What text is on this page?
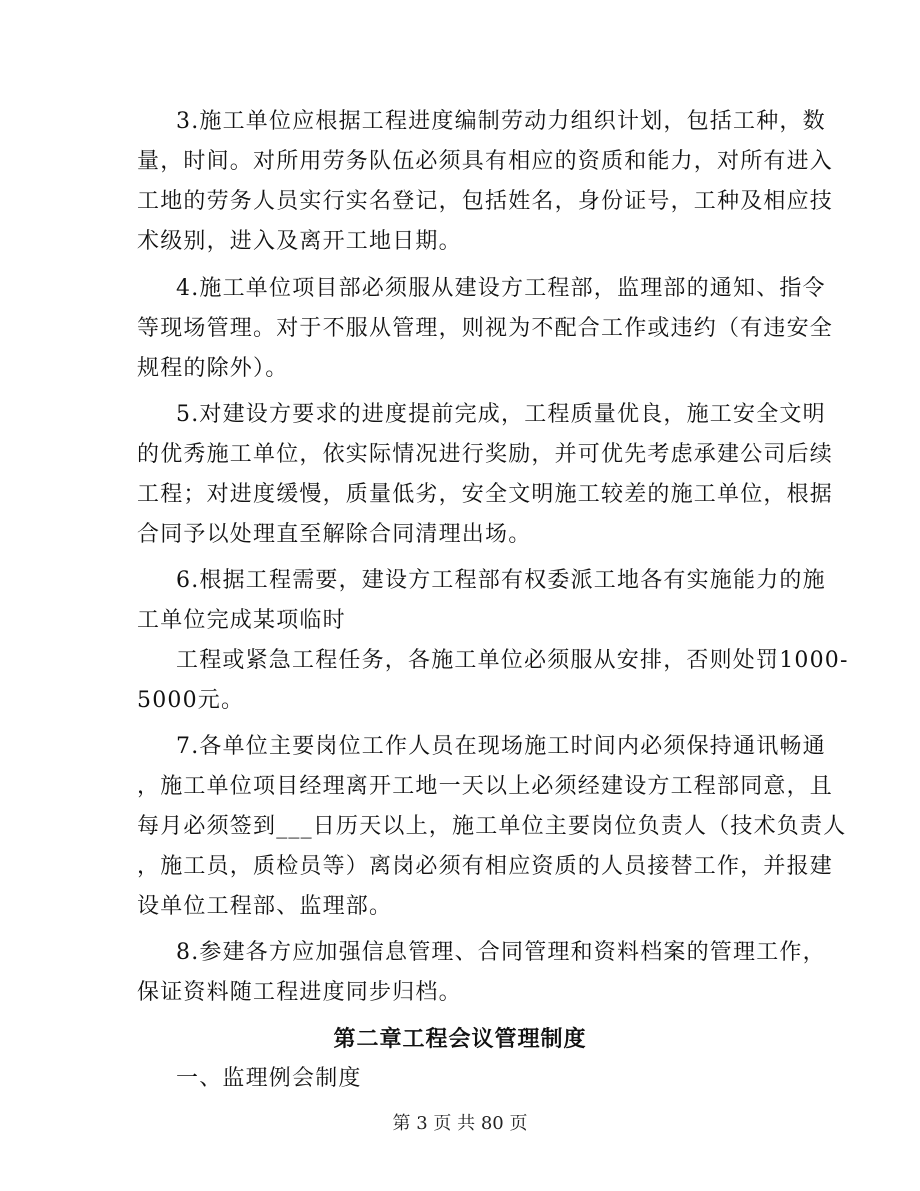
3.施工单位应根据工程进度编制劳动力组织计划，包括工种，数
量，时间。对所用劳务队伍必须具有相应的资质和能力，对所有进入
工地的劳务人员实行实名登记，包括姓名，身份证号，工种及相应技
术级别，进入及离开工地日期。
4.施工单位项目部必须服从建设方工程部，监理部的通知、指令
等现场管理。对于不服从管理，则视为不配合工作或违约（有违安全
规程的除外）。
5.对建设方要求的进度提前完成，工程质量优良，施工安全文明
的优秀施工单位，依实际情况进行奖励，并可优先考虑承建公司后续
工程；对进度缓慢，质量低劣，安全文明施工较差的施工单位，根据
合同予以处理直至解除合同清理出场。
6.根据工程需要，建设方工程部有权委派工地各有实施能力的施
工单位完成某项临时
工程或紧急工程任务，各施工单位必须服从安排，否则处罚1000-
5000元。
7.各单位主要岗位工作人员在现场施工时间内必须保持通讯畅通
，施工单位项目经理离开工地一天以上必须经建设方工程部同意，且
每月必须签到___日历天以上，施工单位主要岗位负责人（技术负责人
，施工员，质检员等）离岗必须有相应资质的人员接替工作，并报建
设单位工程部、监理部。
8.参建各方应加强信息管理、合同管理和资料档案的管理工作，
保证资料随工程进度同步归档。
第二章工程会议管理制度
一、监理例会制度
第 3 页 共 80 页
